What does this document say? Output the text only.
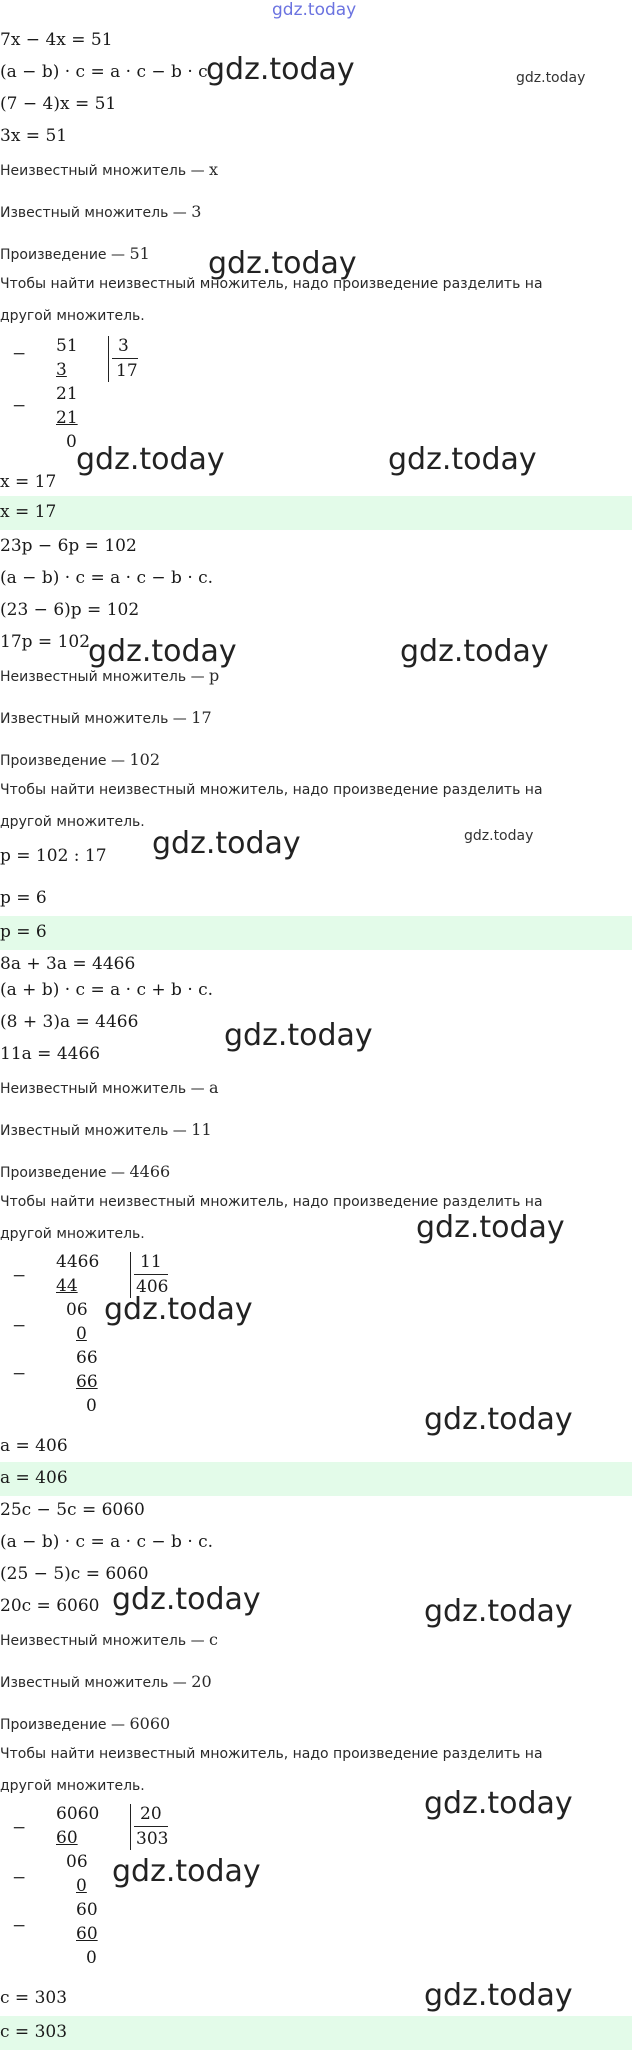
gdz.today
7x − 4x = 51
(a − b) · c = a · c − b · c.
(7 − 4)x = 51
3x = 51
Неизвестный множитель — x
Известный множитель — 3
Произведение — 51
Чтобы найти неизвестный множитель, надо произведение разделить на
другой множитель.
− 51 3
17
3
−
21
21
0
x = 17
x = 17
23p − 6p = 102
(a − b) · c = a · c − b · c.
(23 − 6)p = 102
17p = 102
Неизвестный множитель — p
Известный множитель — 17
Произведение — 102
Чтобы найти неизвестный множитель, надо произведение разделить на
другой множитель.
p = 102 : 17
p = 6
p = 6
8a + 3a = 4466
(a + b) · c = a · c + b · c.
(8 + 3)a = 4466
11a = 4466
Неизвестный множитель — a
Известный множитель — 11
Произведение — 4466
Чтобы найти неизвестный множитель, надо произведение разделить на
другой множитель.
−
4466 11
406
44
−
06
0
−
66
66
0
a = 406
a = 406
25c − 5c = 6060
(a − b) · c = a · c − b · c.
(25 − 5)c = 6060
20c = 6060
Неизвестный множитель — c
Известный множитель — 20
Произведение — 6060
Чтобы найти неизвестный множитель, надо произведение разделить на
другой множитель.
−
6060 20
303
60
−
06
0
−
60
60
0
c = 303
c = 303
gdz.today	gdz.today
gdz.today
gdz.today	gdz.today
gdz.today	gdz.today
gdz.today	gdz.today
gdz.today
gdz.today
gdz.today
gdz.today
gdz.today	gdz.today
gdz.today
gdz.today
gdz.today
